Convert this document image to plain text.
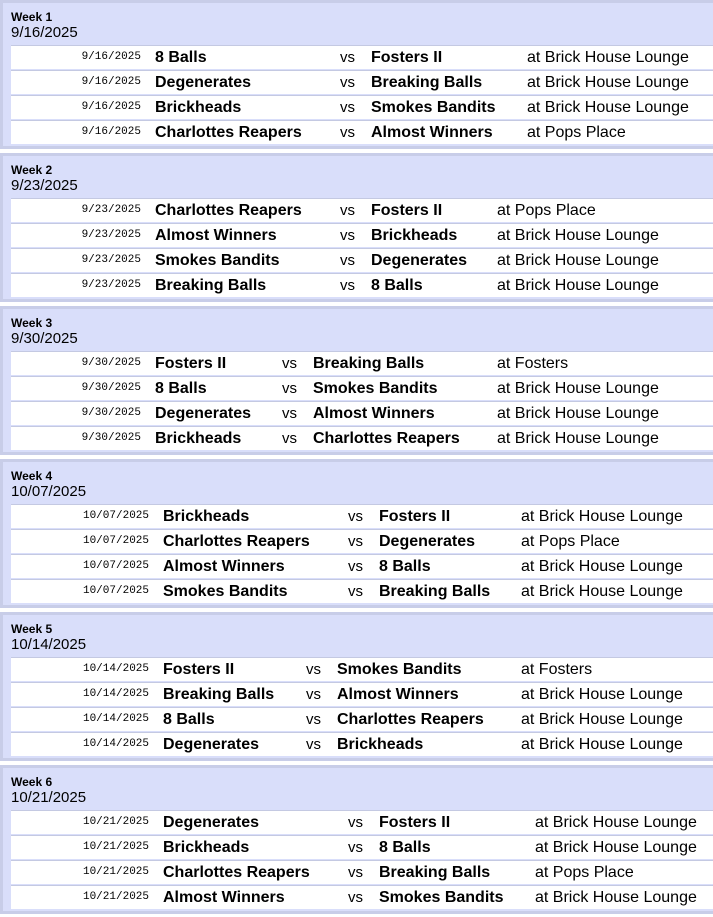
Week 1
9/16/2025
9/16/2025 8 Balls	vs Fosters II	at Brick House Lounge
9/16/2025 Degenerates	vs Breaking Balls	at Brick House Lounge
9/16/2025 Brickheads	vs Smokes Bandits at Brick House Lounge
9/16/2025 Charlottes Reapers	vs Almost Winners at Pops Place
Week 2
9/23/2025
9/23/2025 Charlottes Reapers	vs Fosters II	at Pops Place
9/23/2025 Almost Winners	vs Brickheads at Brick House Lounge
9/23/2025 Smokes Bandits	vs Degenerates at Brick House Lounge
9/23/2025 Breaking Balls	vs 8 Balls	at Brick House Lounge
Week 3
9/30/2025
9/30/2025 Fosters II	vs Breaking Balls	at Fosters
9/30/2025 8 Balls	vs Smokes Bandits	at Brick House Lounge
9/30/2025 Degenerates vs Almost Winners	at Brick House Lounge
9/30/2025 Brickheads	vs Charlottes Reapers at Brick House Lounge
Week 4
10/07/2025
10/07/2025 Brickheads	vs Fosters II	at Brick House Lounge
10/07/2025 Charlottes Reapers	vs Degenerates	at Pops Place
10/07/2025 Almost Winners	vs 8 Balls	at Brick House Lounge
10/07/2025 Smokes Bandits	vs Breaking Balls at Brick House Lounge
Week 5
10/14/2025
10/14/2025 Fosters II	vs Smokes Bandits	at Fosters
10/14/2025 Breaking Balls vs Almost Winners	at Brick House Lounge
10/14/2025 8 Balls	vs Charlottes Reapers at Brick House Lounge
10/14/2025 Degenerates	vs Brickheads	at Brick House Lounge
Week 6
10/21/2025
10/21/2025 Degenerates	vs Fosters II	at Brick House Lounge
10/21/2025 Brickheads	vs 8 Balls	at Brick House Lounge
10/21/2025 Charlottes Reapers	vs Breaking Balls	at Pops Place
10/21/2025 Almost Winners	vs Smokes Bandits at Brick House Lounge
